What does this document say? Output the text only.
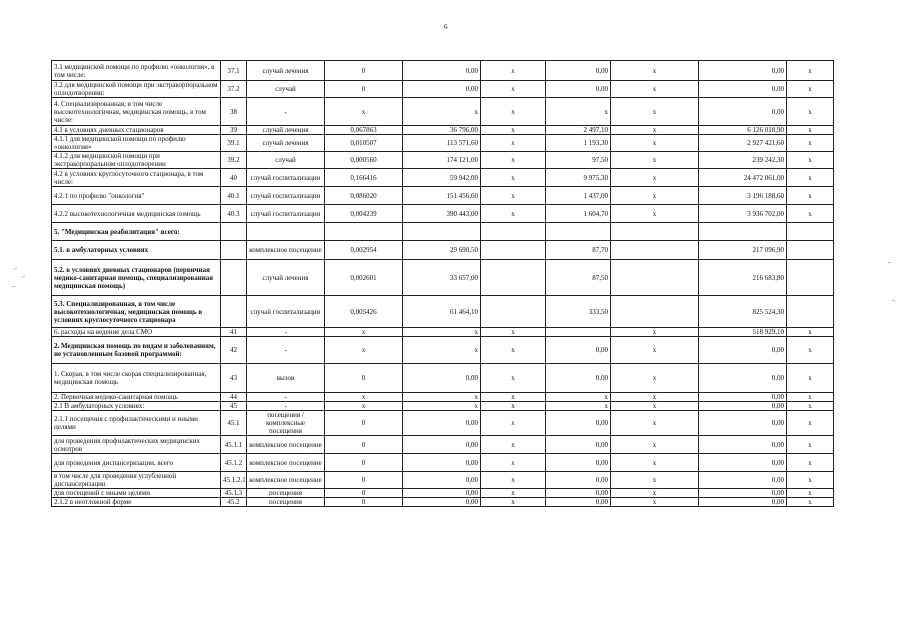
6
3.1 медицинской помощи по профилю «онкология», в том числе:	37.1	случай лечения	0	0,00	х	0,00	х	0,00	х
3.2 для медицинской помощи при экстракорпоральном оплодотворении:	37.2	случай	0	0,00	х	0,00	х	0,00	х
4. Специализированная, в том числе высокотехнологичная, медицинская помощь, в том числе:	38	-	х	х	х	х	х	0,00	х
4.1 в условиях дневных стационаров	39	случай лечения	0,067863	36 796,00	х	2 497,10	х	6 126 018,90	х
4.1.1 для медицинской помощи по профилю «онкология»	39.1	случай лечения	0,010507	113 571,60	х	1 193,30	х	2 927 421,60	х
4.1.2 для медицинской помощи при экстракорпоральном оплодотворении	39.2	случай	0,000560	174 121,00	х	97,50	х	239 242,30	х
4.2 в условиях круглосуточного стационара, в том числе:	40	случай госпитализации	0,166416	59 942,00	х	9 975,30	х	24 472 061,00	х
4.2.1 по профилю "онкология"	40.1	случай госпитализации	0,086020	151 456,60	х	1 437,00	х	3 196 188,60	х
4.2.2 высокотехнологичная медицинская помощь	40.3	случай госпитализации	0,004239	390 443,00	х	1 604,70	х	3 936 702,00	х
5. "Медицинская реабилитация" всего:									
5.1. в амбулаторных условиях		комплексное посещение	0,002954	29 690,50		87,70		217 096,90	
5.2. в условиях дневных стационаров (первичная медико-санитарная помощь, специализированная медицинская помощь)		случай лечения	0,002601	33 657,00		87,50		216 683,80	
5.3. Специализированная, в том числе высокотехнологичная, медицинская помощь в условиях круглосуточного стационара		случай госпитализации	0,005426	61 464,10		333,50		825 524,30	
6. расходы на ведение дела СМО	41	-	х	х	х		х	518 929,10	х
2. Медицинская помощь по видам и заболеваниям, не установленным базовой программой:	42	-	х	х	х	0,00	х	0,00	х
1. Скорая, в том числе скорая специализированная, медицинская помощь	43	вызов	0	0,00	х	0,00	х	0,00	х
2. Первичная медико-санитарная помощь	44	-	х	х	х	х	х	0,00	х
2.1 В амбулаторных условиях:	45	-	х	х	х	х	х	0,00	х
2.1.1 посещения с профилактическими и иными целями	45.1	посещения / комплексные посещения	0	0,00	х	0,00	х	0,00	х
для проведения профилактических медицинских осмотров	45.1.1	комплексное посещение	0	0,00	х	0,00	х	0,00	х
для проведения диспансеризации, всего	45.1.2	комплексное посещение	0	0,00	х	0,00	х	0,00	х
в том числе для проведения углубленной диспансеризации	45.1.2.1	комплексное посещение	0	0,00	х	0,00	х	0,00	х
для посещений с иными целями	45.1.3	посещения	0	0,00	х	0,00	х	0,00	х
2.1.2 в неотложной форме	45.2	посещения	0	0,00	х	0,00	х	0,00	х
